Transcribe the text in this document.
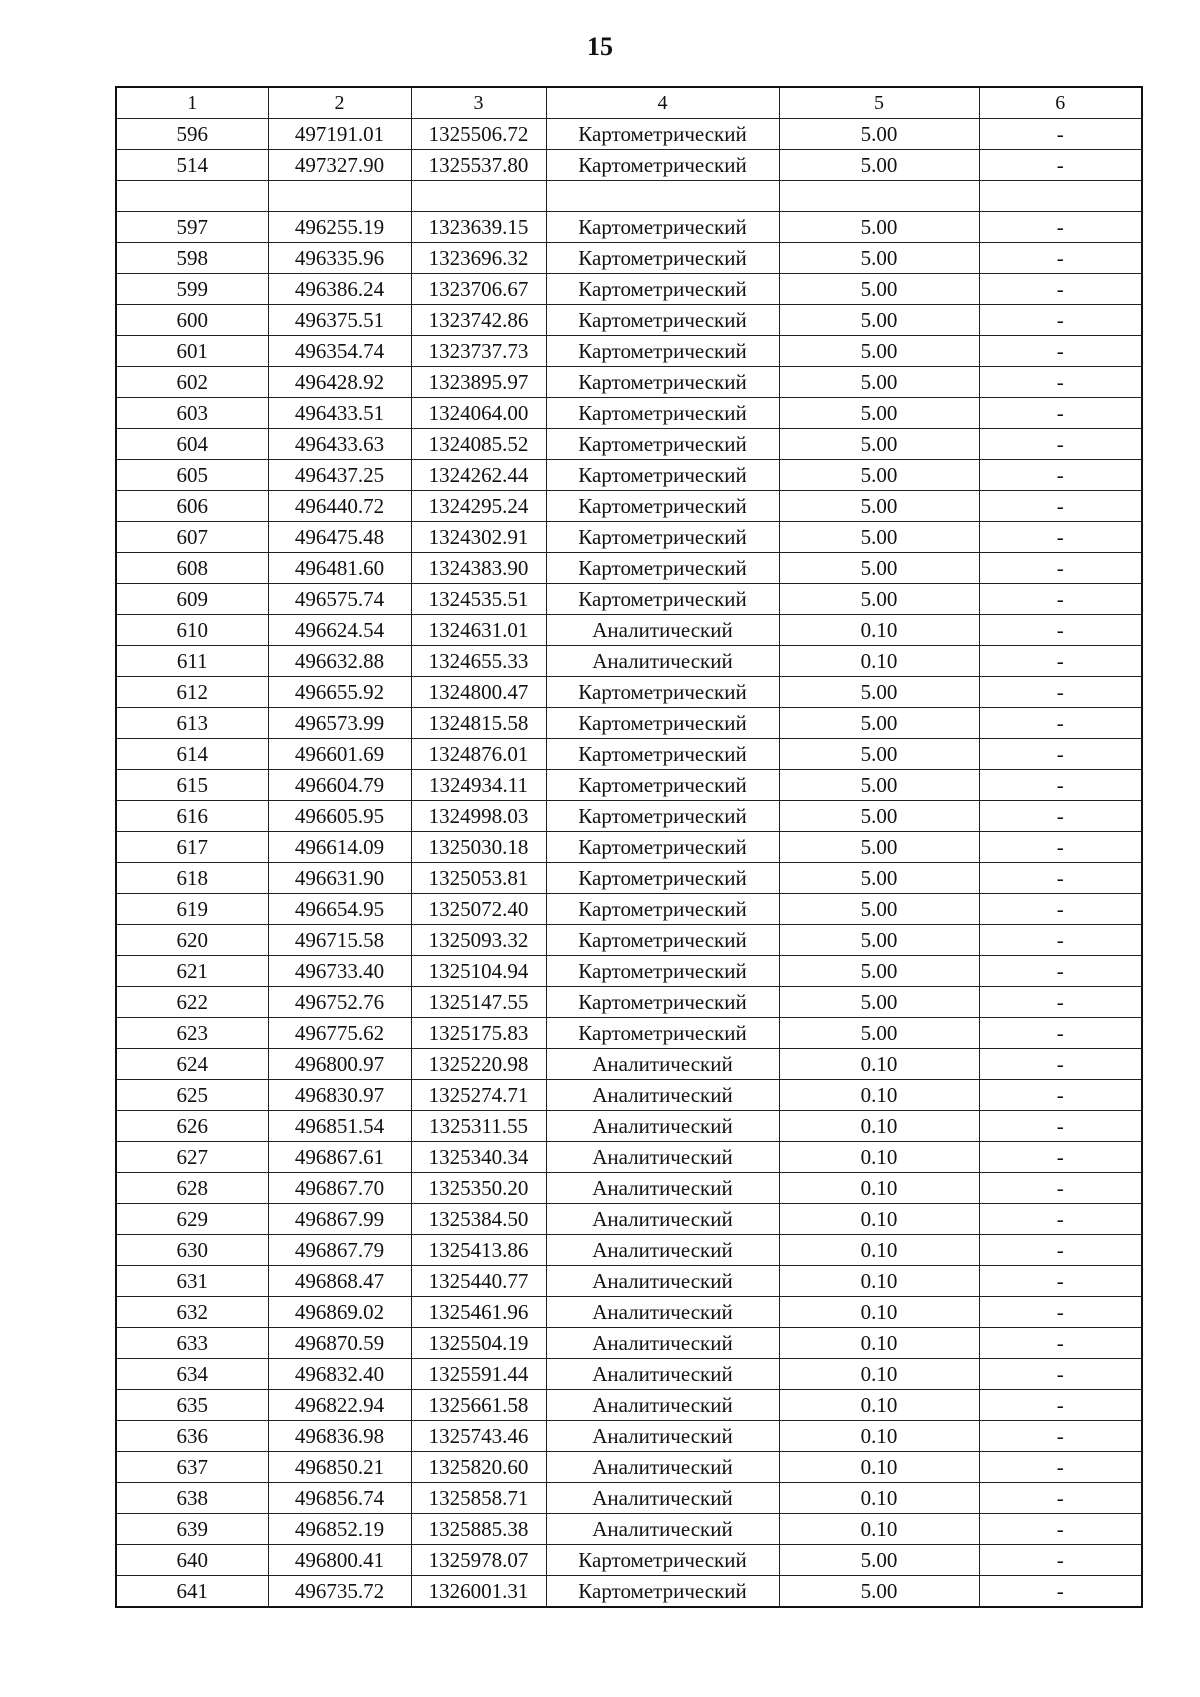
15
1	2	3	4	5	6
596	497191.01	1325506.72	Картометрический	5.00	-
514	497327.90	1325537.80	Картометрический	5.00	-

597	496255.19	1323639.15	Картометрический	5.00	-
598	496335.96	1323696.32	Картометрический	5.00	-
599	496386.24	1323706.67	Картометрический	5.00	-
600	496375.51	1323742.86	Картометрический	5.00	-
601	496354.74	1323737.73	Картометрический	5.00	-
602	496428.92	1323895.97	Картометрический	5.00	-
603	496433.51	1324064.00	Картометрический	5.00	-
604	496433.63	1324085.52	Картометрический	5.00	-
605	496437.25	1324262.44	Картометрический	5.00	-
606	496440.72	1324295.24	Картометрический	5.00	-
607	496475.48	1324302.91	Картометрический	5.00	-
608	496481.60	1324383.90	Картометрический	5.00	-
609	496575.74	1324535.51	Картометрический	5.00	-
610	496624.54	1324631.01	Аналитический	0.10	-
611	496632.88	1324655.33	Аналитический	0.10	-
612	496655.92	1324800.47	Картометрический	5.00	-
613	496573.99	1324815.58	Картометрический	5.00	-
614	496601.69	1324876.01	Картометрический	5.00	-
615	496604.79	1324934.11	Картометрический	5.00	-
616	496605.95	1324998.03	Картометрический	5.00	-
617	496614.09	1325030.18	Картометрический	5.00	-
618	496631.90	1325053.81	Картометрический	5.00	-
619	496654.95	1325072.40	Картометрический	5.00	-
620	496715.58	1325093.32	Картометрический	5.00	-
621	496733.40	1325104.94	Картометрический	5.00	-
622	496752.76	1325147.55	Картометрический	5.00	-
623	496775.62	1325175.83	Картометрический	5.00	-
624	496800.97	1325220.98	Аналитический	0.10	-
625	496830.97	1325274.71	Аналитический	0.10	-
626	496851.54	1325311.55	Аналитический	0.10	-
627	496867.61	1325340.34	Аналитический	0.10	-
628	496867.70	1325350.20	Аналитический	0.10	-
629	496867.99	1325384.50	Аналитический	0.10	-
630	496867.79	1325413.86	Аналитический	0.10	-
631	496868.47	1325440.77	Аналитический	0.10	-
632	496869.02	1325461.96	Аналитический	0.10	-
633	496870.59	1325504.19	Аналитический	0.10	-
634	496832.40	1325591.44	Аналитический	0.10	-
635	496822.94	1325661.58	Аналитический	0.10	-
636	496836.98	1325743.46	Аналитический	0.10	-
637	496850.21	1325820.60	Аналитический	0.10	-
638	496856.74	1325858.71	Аналитический	0.10	-
639	496852.19	1325885.38	Аналитический	0.10	-
640	496800.41	1325978.07	Картометрический	5.00	-
641	496735.72	1326001.31	Картометрический	5.00	-
